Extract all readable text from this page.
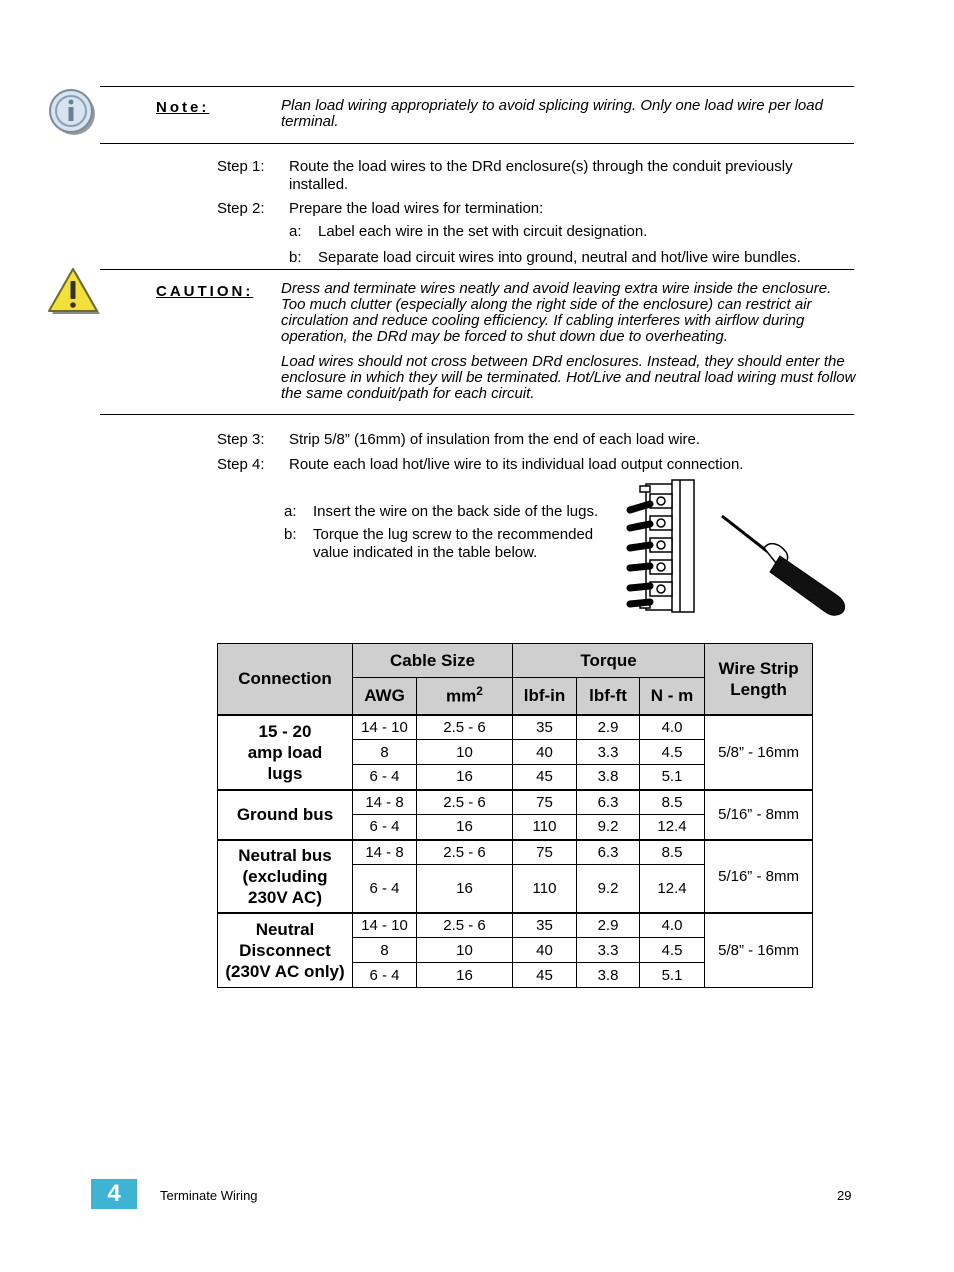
Note:	Plan load wiring appropriately to avoid splicing wiring. Only one load wire per load terminal.
Step 1: Route the load wires to the DRd enclosure(s) through the conduit previously installed.
Step 2: Prepare the load wires for termination:
a: Label each wire in the set with circuit designation.
b: Separate load circuit wires into ground, neutral and hot/live wire bundles.
CAUTION: Dress and terminate wires neatly and avoid leaving extra wire inside the enclosure. Too much clutter (especially along the right side of the enclosure) can restrict air circulation and reduce cooling efficiency. If cabling interferes with airflow during operation, the DRd may be forced to shut down due to overheating.
Load wires should not cross between DRd enclosures. Instead, they should enter the enclosure in which they will be terminated. Hot/Live and neutral load wiring must follow the same conduit/path for each circuit.
Step 3: Strip 5/8” (16mm) of insulation from the end of each load wire.
Step 4: Route each load hot/live wire to its individual load output connection.
a: Insert the wire on the back side of the lugs.
b: Torque the lug screw to the recommended value indicated in the table below.
Connection	Cable Size		Torque			Wire Strip Length
	AWG	$mm^2$	lbf-in	lbf-ft	N - m	
15 - 20 amp load lugs	14 - 10	2.5 - 6	35	2.9	4.0	5/8” - 16mm
	8	10	40	3.3	4.5	
	6 - 4	16	45	3.8	5.1	
Ground bus	14 - 8	2.5 - 6	75	6.3	8.5	5/16” - 8mm
	6 - 4	16	110	9.2	12.4	
Neutral bus (excluding 230V AC)	14 - 8	2.5 - 6	75	6.3	8.5	5/16” - 8mm
	6 - 4	16	110	9.2	12.4	
Neutral Disconnect (230V AC only)	14 - 10	2.5 - 6	35	2.9	4.0	5/8” - 16mm
	8	10	40	3.3	4.5	
	6 - 4	16	45	3.8	5.1	
4	Terminate Wiring	29
